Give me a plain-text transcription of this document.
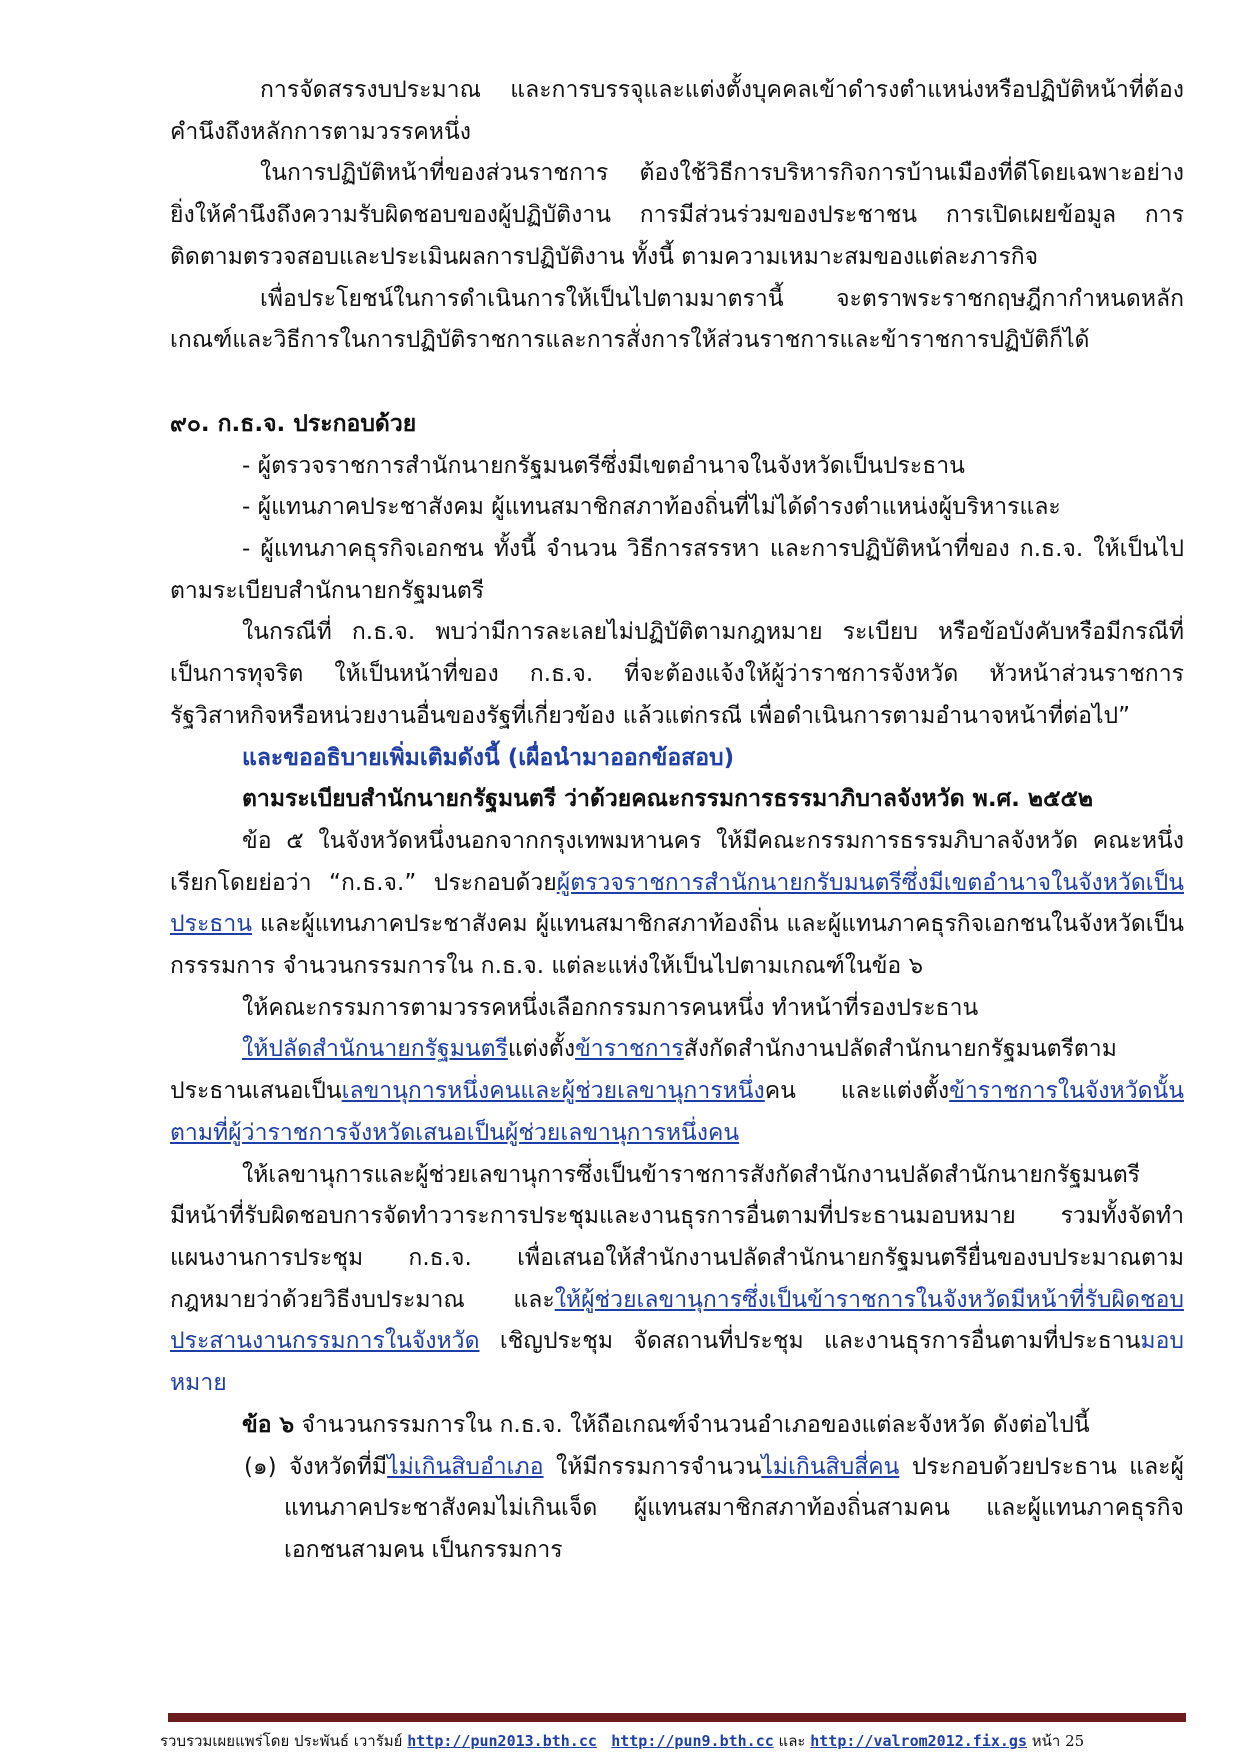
การจัดสรรงบประมาณ และการบรรจุและแต่งตั้งบุคคลเข้าดำรงตำแหน่งหรือปฏิบัติหน้าที่ต้องคำนึงถึงหลักการตามวรรคหนึ่ง

ในการปฏิบัติหน้าที่ของส่วนราชการ ต้องใช้วิธีการบริหารกิจการบ้านเมืองที่ดีโดยเฉพาะอย่างยิ่งให้คำนึงถึงความรับผิดชอบของผู้ปฏิบัติงาน การมีส่วนร่วมของประชาชน การเปิดเผยข้อมูล การติดตามตรวจสอบและประเมินผลการปฏิบัติงาน ทั้งนี้ ตามความเหมาะสมของแต่ละภารกิจ

เพื่อประโยชน์ในการดำเนินการให้เป็นไปตามมาตรานี้ จะตราพระราชกฤษฎีกากำหนดหลักเกณฑ์และวิธีการในการปฏิบัติราชการและการสั่งการให้ส่วนราชการและข้าราชการปฏิบัติก็ได้

๙๐. ก.ธ.จ. ประกอบด้วย

- ผู้ตรวจราชการสำนักนายกรัฐมนตรีซึ่งมีเขตอำนาจในจังหวัดเป็นประธาน

- ผู้แทนภาคประชาสังคม ผู้แทนสมาชิกสภาท้องถิ่นที่ไม่ได้ดำรงตำแหน่งผู้บริหารและ

- ผู้แทนภาคธุรกิจเอกชน ทั้งนี้ จำนวน วิธีการสรรหา และการปฏิบัติหน้าที่ของ ก.ธ.จ. ให้เป็นไปตามระเบียบสำนักนายกรัฐมนตรี

ในกรณีที่ ก.ธ.จ. พบว่ามีการละเลยไม่ปฏิบัติตามกฎหมาย ระเบียบ หรือข้อบังคับหรือมีกรณีที่เป็นการทุจริต ให้เป็นหน้าที่ของ ก.ธ.จ. ที่จะต้องแจ้งให้ผู้ว่าราชการจังหวัด หัวหน้าส่วนราชการรัฐวิสาหกิจหรือหน่วยงานอื่นของรัฐที่เกี่ยวข้อง แล้วแต่กรณี เพื่อดำเนินการตามอำนาจหน้าที่ต่อไป”

และขออธิบายเพิ่มเติมดังนี้ (เผื่อนำมาออกข้อสอบ)

ตามระเบียบสำนักนายกรัฐมนตรี ว่าด้วยคณะกรรมการธรรมาภิบาลจังหวัด พ.ศ. ๒๕๕๒

ข้อ ๕ ในจังหวัดหนึ่งนอกจากกรุงเทพมหานคร ให้มีคณะกรรมการธรรมภิบาลจังหวัด คณะหนึ่งเรียกโดยย่อว่า “ก.ธ.จ.” ประกอบด้วยผู้ตรวจราชการสำนักนายกรับมนตรีซึ่งมีเขตอำนาจในจังหวัดเป็นประธาน และผู้แทนภาคประชาสังคม ผู้แทนสมาชิกสภาท้องถิ่น และผู้แทนภาคธุรกิจเอกชนในจังหวัดเป็นกรรรมการ จำนวนกรรมการใน ก.ธ.จ. แต่ละแห่งให้เป็นไปตามเกณฑ์ในข้อ ๖

ให้คณะกรรมการตามวรรคหนึ่งเลือกกรรมการคนหนึ่ง ทำหน้าที่รองประธาน

ให้ปลัดสำนักนายกรัฐมนตรีแต่งตั้งข้าราชการสังกัดสำนักงานปลัดสำนักนายกรัฐมนตรีตามประธานเสนอเป็นเลขานุการหนึ่งคนและผู้ช่วยเลขานุการหนึ่งคน และแต่งตั้งข้าราชการในจังหวัดนั้นตามที่ผู้ว่าราชการจังหวัดเสนอเป็นผู้ช่วยเลขานุการหนึ่งคน

ให้เลขานุการและผู้ช่วยเลขานุการซึ่งเป็นข้าราชการสังกัดสำนักงานปลัดสำนักนายกรัฐมนตรีมีหน้าที่รับผิดชอบการจัดทำวาระการประชุมและงานธุรการอื่นตามที่ประธานมอบหมาย รวมทั้งจัดทำแผนงานการประชุม ก.ธ.จ. เพื่อเสนอให้สำนักงานปลัดสำนักนายกรัฐมนตรียื่นของบประมาณตามกฎหมายว่าด้วยวิธีงบประมาณ และให้ผู้ช่วยเลขานุการซึ่งเป็นข้าราชการในจังหวัดมีหน้าที่รับผิดชอบประสานงานกรรมการในจังหวัด เชิญประชุม จัดสถานที่ประชุม และงานธุรการอื่นตามที่ประธานมอบหมาย

ข้อ ๖ จำนวนกรรมการใน ก.ธ.จ. ให้ถือเกณฑ์จำนวนอำเภอของแต่ละจังหวัด ดังต่อไปนี้

(๑) จังหวัดที่มีไม่เกินสิบอำเภอ ให้มีกรรมการจำนวนไม่เกินสิบสี่คน ประกอบด้วยประธาน และผู้แทนภาคประชาสังคมไม่เกินเจ็ด ผู้แทนสมาชิกสภาท้องถิ่นสามคน และผู้แทนภาคธุรกิจเอกชนสามคน เป็นกรรมการ

รวบรวมเผยแพร่โดย ประพันธ์ เวารัมย์ http://pun2013.bth.cc http://pun9.bth.cc และ http://valrom2012.fix.gs หน้า 25
